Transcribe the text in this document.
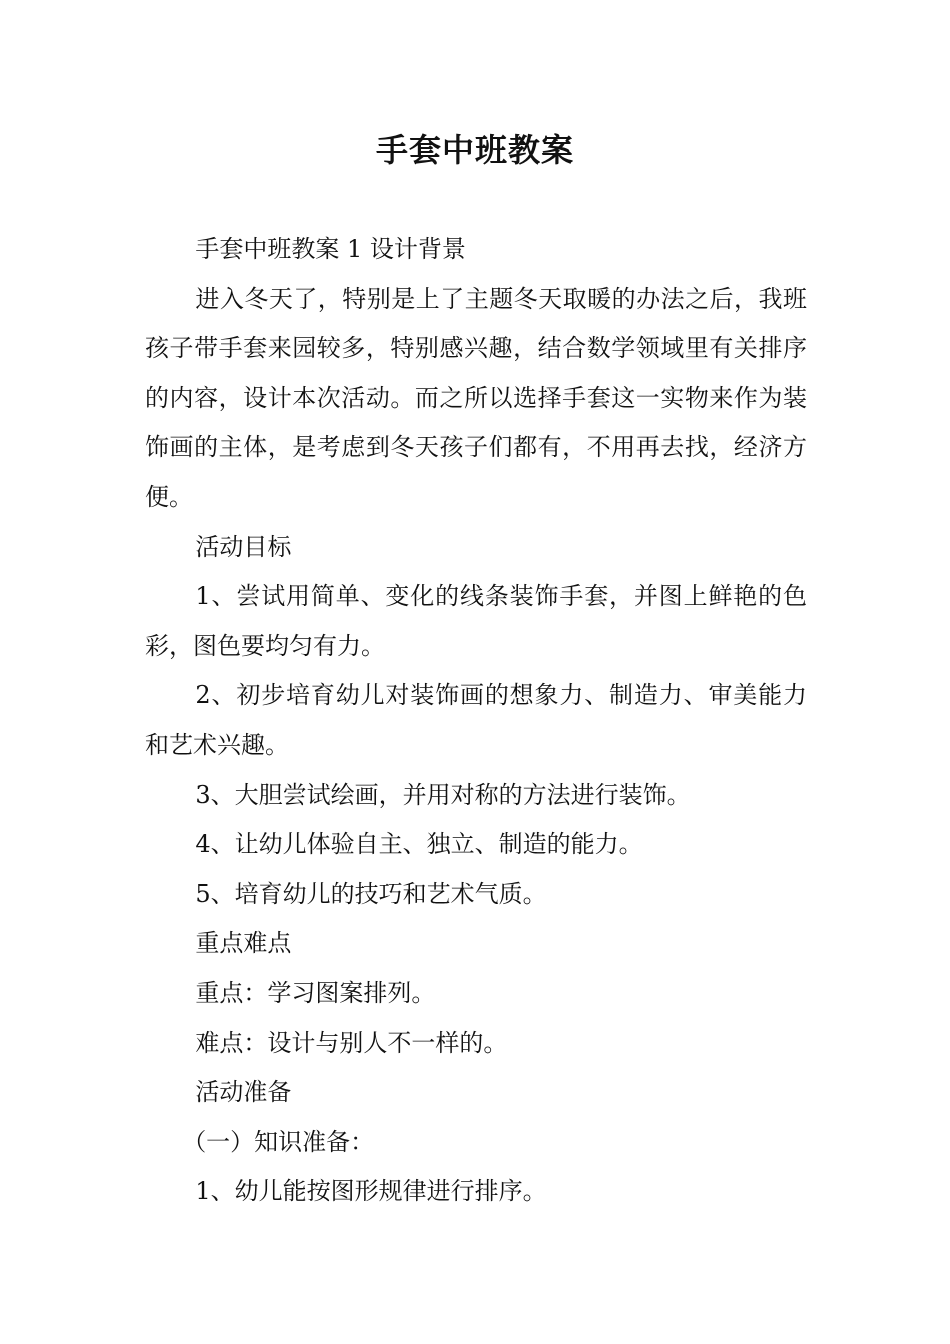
手套中班教案

手套中班教案 1 设计背景

进入冬天了，特别是上了主题冬天取暖的办法之后，我班孩子带手套来园较多，特别感兴趣，结合数学领域里有关排序的内容，设计本次活动。而之所以选择手套这一实物来作为装饰画的主体，是考虑到冬天孩子们都有，不用再去找，经济方便。

活动目标

1、尝试用简单、变化的线条装饰手套，并图上鲜艳的色彩，图色要均匀有力。

2、初步培育幼儿对装饰画的想象力、制造力、审美能力和艺术兴趣。

3、大胆尝试绘画，并用对称的方法进行装饰。

4、让幼儿体验自主、独立、制造的能力。

5、培育幼儿的技巧和艺术气质。

重点难点

重点：学习图案排列。

难点：设计与别人不一样的。

活动准备

（一）知识准备：

1、幼儿能按图形规律进行排序。
